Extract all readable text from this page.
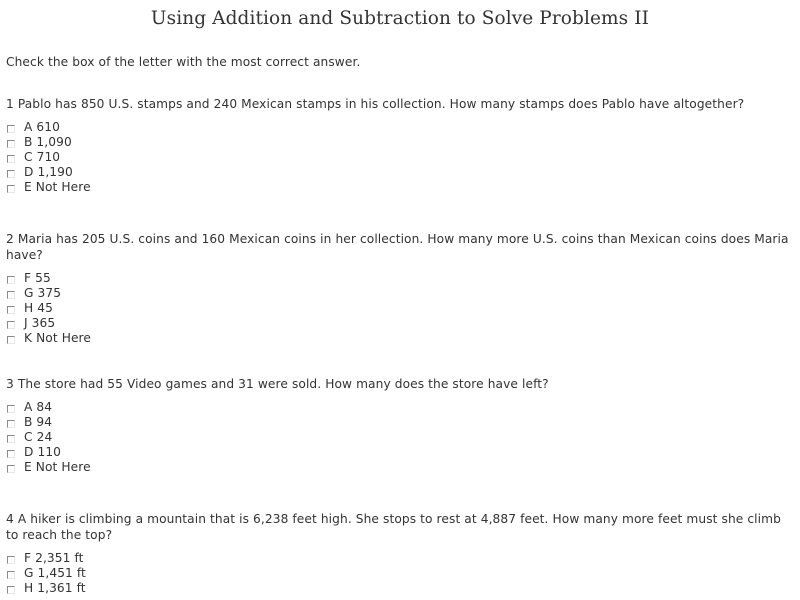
Using Addition and Subtraction to Solve Problems II
Check the box of the letter with the most correct answer.

1 Pablo has 850 U.S. stamps and 240 Mexican stamps in his collection. How many stamps does Pablo have altogether?

A 610
B 1,090
C 710
D 1,190
E Not Here

2 Maria has 205 U.S. coins and 160 Mexican coins in her collection. How many more U.S. coins than Mexican coins does Maria have?

F 55
G 375
H 45
J 365
K Not Here

3 The store had 55 Video games and 31 were sold. How many does the store have left?

A 84
B 94
C 24
D 110
E Not Here

4 A hiker is climbing a mountain that is 6,238 feet high. She stops to rest at 4,887 feet. How many more feet must she climb to reach the top?

F 2,351 ft
G 1,451 ft
H 1,361 ft
